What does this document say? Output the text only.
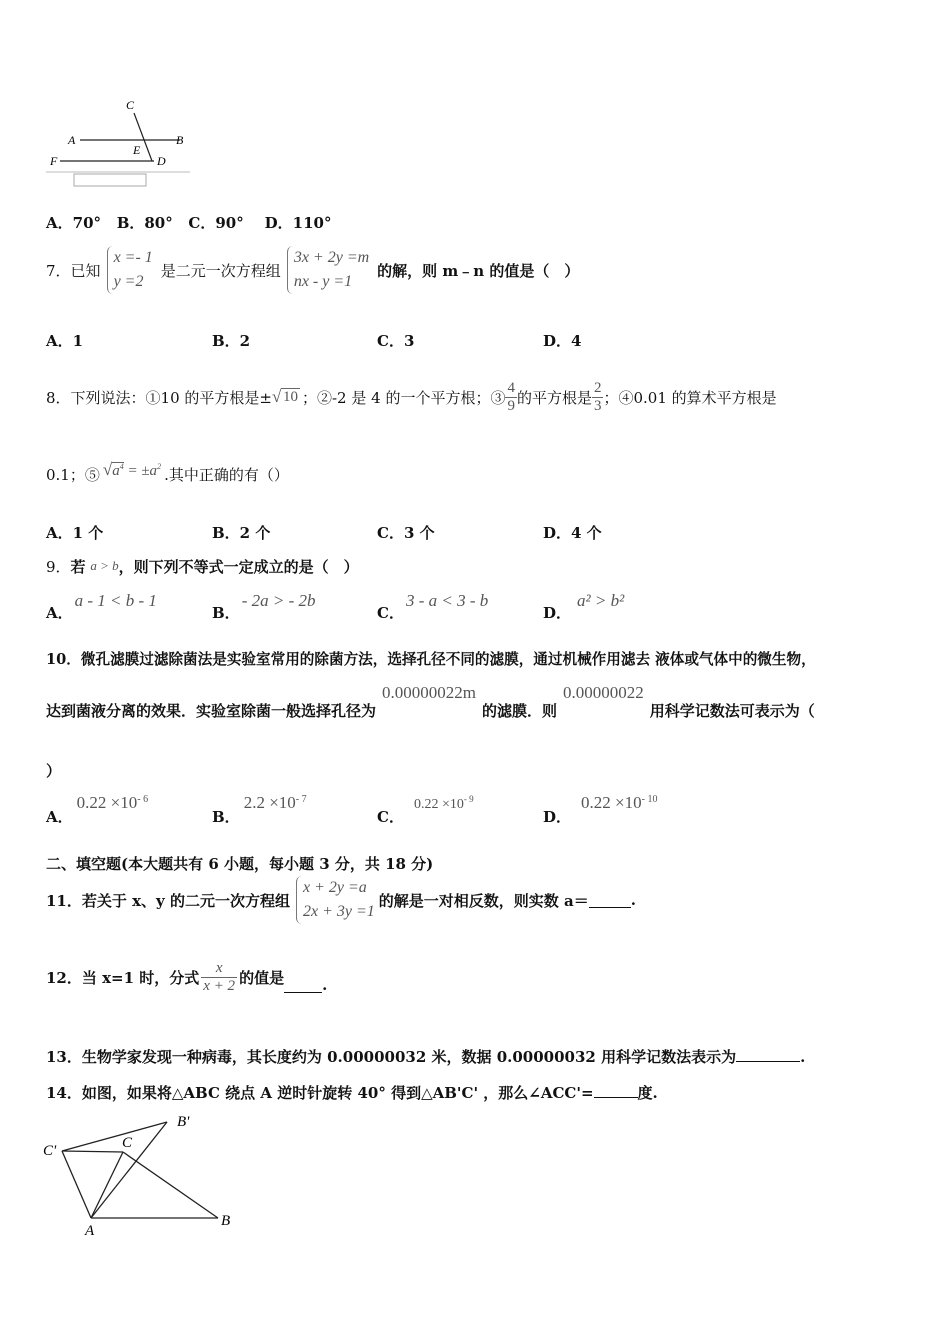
C
A	B
E
F	D
A．70° B．80° C．90° D．110°
7． 已知
x =- 1
y =2
是二元一次方程组
3x + 2y =m
nx - y =1
的解，则 m﹣n 的值是（　）
A．1	B．2	C．3	D．4
8． 下列说法：①10 的平方根是± √ 10 ；②-2 是 4 的一个平方根；③ $\frac{4}{9}$ 的平方根是 $\frac{2}{3}$ ；④0.01 的算术平方根是
0.1；⑤ $√a^4 = \pm a^2$ .其中正确的有（）
A．1 个	B．2 个	C．3 个	D．4 个
9．若 a > b，则下列不等式一定成立的是（　）
A．a - 1 < b - 1
B．- 2a > - 2b
C．3 - a < 3 - b
D．a² > b²
10．微孔滤膜过滤除菌法是实验室常用的除菌方法，选择孔径不同的滤膜，通过机械作用滤去 液体或气体中的微生物，
达到菌液分离的效果．实验室除菌一般选择孔径为
0.00000022m
的滤膜．则
0.00000022
用科学记数法可表示为（
）
A．$0.22 \times 10^{- 6}$
B．$2.2 \times 10^{- 7}$
C．$0.22 \times 10^{- 9}$
D．$0.22 \times 10^{- 10}$
二、填空题(本大题共有 6 小题，每小题 3 分，共 18 分)
11．若关于 x、y 的二元一次方程组
x + 2y =a
2x + 3y =1
的解是一对相反数，则实数 a＝	.
12．当 x=1 时，分式 $\frac{x}{x + 2}$ 的值是	.
13．生物学家发现一种病毒，其长度约为 0.00000032 米，数据 0.00000032 用科学记数法表示为	.
14．如图，如果将△ABC 绕点 A 逆时针旋转 40° 得到△AB'C' ，那么∠ACC'=	度.
C'	C
B'
A
B
